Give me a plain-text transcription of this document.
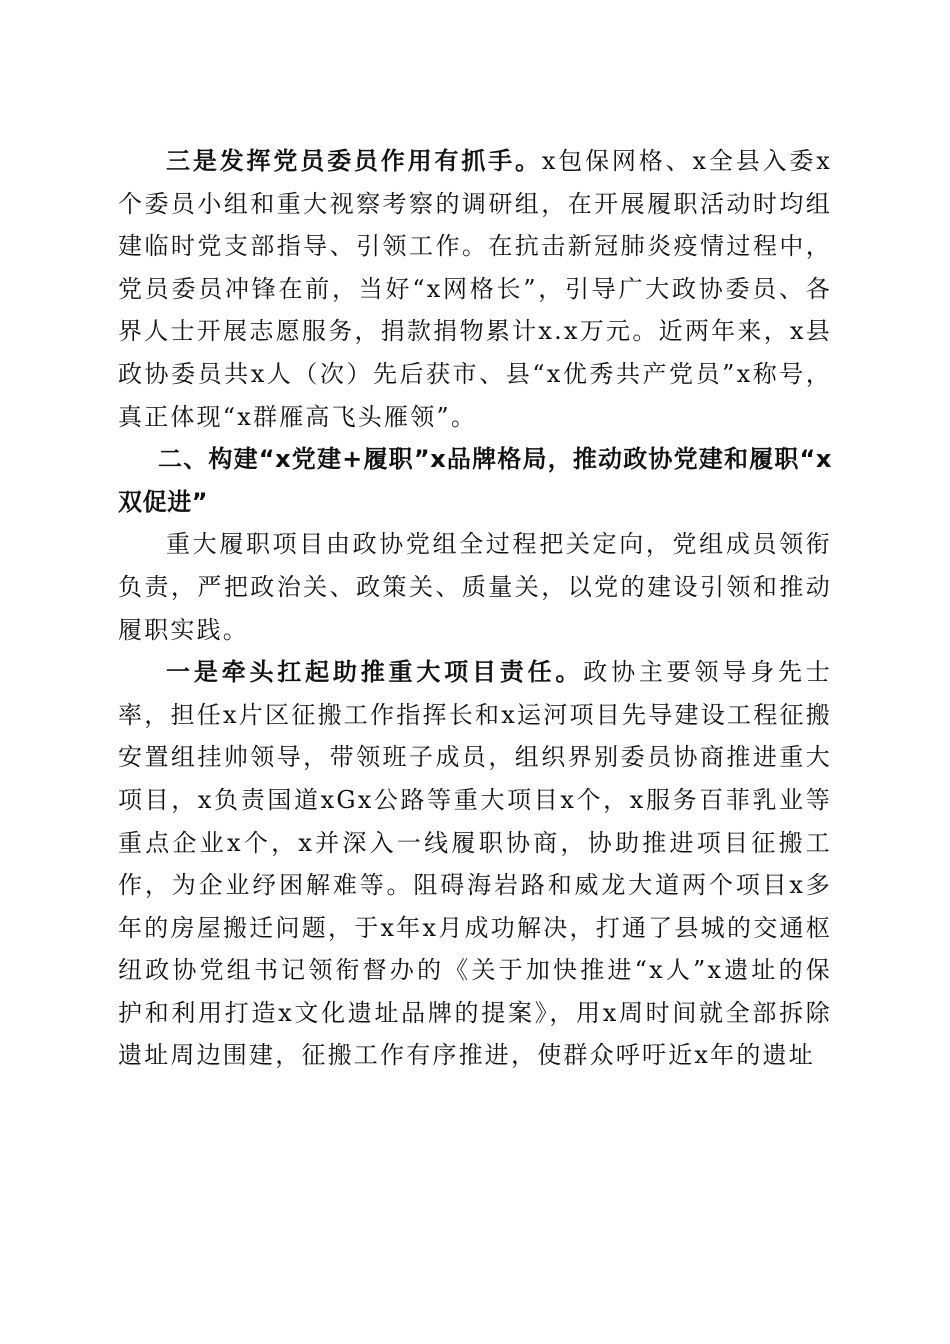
三是发挥党员委员作用有抓手。x包保网格、x全县入委x个委员小组和重大视察考察的调研组，在开展履职活动时均组建临时党支部指导、引领工作。在抗击新冠肺炎疫情过程中，党员委员冲锋在前，当好“x网格长”，引导广大政协委员、各界人士开展志愿服务，捐款捐物累计x.x万元。近两年来，x县政协委员共x人（次）先后获市、县“x优秀共产党员”x称号，真正体现“x群雁高飞头雁领”。

二、构建“x党建+履职”x品牌格局，推动政协党建和履职“x双促进”

重大履职项目由政协党组全过程把关定向，党组成员领衔负责，严把政治关、政策关、质量关，以党的建设引领和推动履职实践。

一是牵头扛起助推重大项目责任。政协主要领导身先士率，担任x片区征搬工作指挥长和x运河项目先导建设工程征搬安置组挂帅领导，带领班子成员，组织界别委员协商推进重大项目，x负责国道xGx公路等重大项目x个，x服务百菲乳业等重点企业x个，x并深入一线履职协商，协助推进项目征搬工作，为企业纾困解难等。阻碍海岩路和威龙大道两个项目x多年的房屋搬迁问题，于x年x月成功解决，打通了县城的交通枢纽政协党组书记领衔督办的《关于加快推进“x人”x遗址的保护和利用打造x文化遗址品牌的提案》，用x周时间就全部拆除遗址周边围建，征搬工作有序推进，使群众呼吁近x年的遗址
